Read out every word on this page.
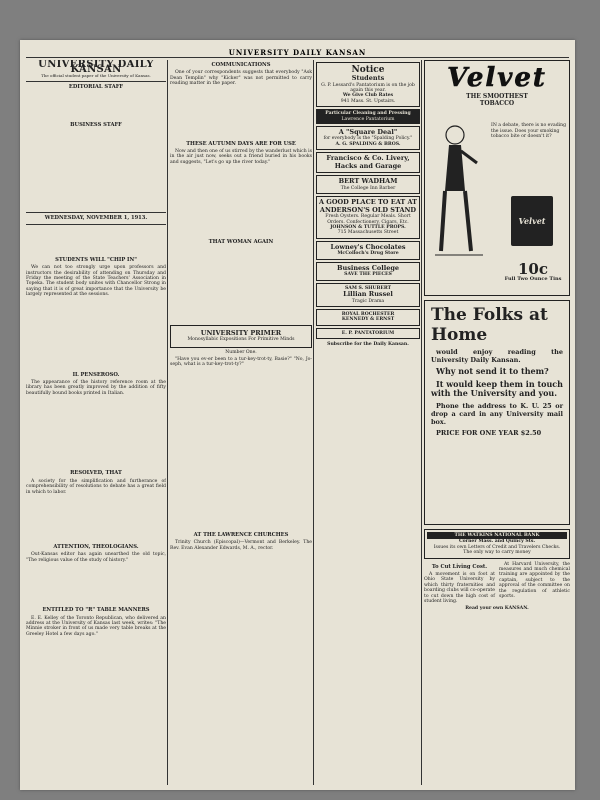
UNIVERSITY DAILY KANSAN
UNIVERSITY DAILY KANSAN
The official student paper of the University of Kansas.
EDITORIAL STAFF
BUSINESS STAFF
WEDNESDAY, NOVEMBER 1, 1913.
STUDENTS WILL "CHIP IN"

We can not too strongly urge upon professors and instructors the desirability of attending on Thursday and Friday the meeting of the State Teachers' Association in Topeka. The student body unites with Chancellor Strong in saying that it is of great importance that the University be largely represented at the sessions.

IL PENSEROSO.

The appearance of the history reference room at the library has been greatly improved by the addition of fifty beautifully bound books printed in Italian.

RESOLVED, THAT

A society for the simplification and furtherance of comprehensibility of resolutions to debate has a great field in which to labor.

ATTENTION, THEOLOGIANS.

Out-Kansas editor has again unearthed the old topic, "The religious value of the study of history."

ENTITLED TO "R" TABLE MANNERS

E. E. Kelley of the Toronto Republican, who delivered an address at the University of Kansas last week, writes: "The Minnie stroker in front of us made very table breaks at the Greeley Hotel a few days ago."

COMMUNICATIONS

One of your correspondents suggests that everybody "Ask Dean Templin" why "Kicker" was not permitted to carry reading matter in the paper.

THESE AUTUMN DAYS ARE FOR USE

Now and then one of us stirred by the wanderlust which is in the air just now, seeks out a friend buried in his books and suggests, "Let's go up the river today."

THAT WOMAN AGAIN
UNIVERSITY PRIMER
Monosyllabic Expositions For Primitive Minds
Number One.

"Have you ev-er been to a tur-key-trot-ty, Basie?" "No, Jo-seph, what is a tur-key-trot-ty?"

AT THE LAWRENCE CHURCHES

Trinity Church (Episcopal)—Vermont and Berkeley. The Rev. Evan Alexander Edwards, M. A., rector.

Notice
Students
G. P. Lessard's Pantatorium is on the job again this year.
We Give Club Rates
941 Mass. St. Upstairs.
Particular Cleaning and Pressing
Lawrence Pantatorium
A "Square Deal"
for everybody is the "Spalding Policy."
A. G. SPALDING & BROS.
Francisco & Co. Livery, Hacks and Garage
BERT WADHAM
The College Inn Barber
A GOOD PLACE TO EAT AT ANDERSON'S OLD STAND
Fresh Oysters. Regular Meals. Short Orders. Confectionery, Cigars, Etc.
JOHNSON & TUTTLE PROPS.
715 Massachusetts Street
Lowney's Chocolates
McColloch's Drug Store
Business College
SAVE THE PIECES
SAM S. SHUBERT
Lillian Russel
Tragic Drama
ROYAL ROCHESTER
KENNEDY & ERNST
E. P. PANTATORIUM
Subscribe for the Daily Kansan.
Velvet
THE SMOOTHEST
TOBACCO
IN a debate, there is no evading the issue. Does your smoking tobacco bite or doesn't it?
Velvet
10c
Full Two Ounce Tins
The Folks at Home

would enjoy reading the University Daily Kansan.

Why not send it to them?

It would keep them in touch with the University and you.

Phone the address to K. U. 25 or drop a card in any University mail box.

PRICE FOR ONE YEAR $2.50

THE WATKINS NATIONAL BANK
Corner Mass. and Quincy Sts.
Issues its own Letters of Credit and Travelers Checks.
The only way to carry money
To Cut Living Cost.

A movement is on foot at Ohio State University by which thirty fraternities and boarding clubs will co-operate to cut down the high cost of student living.

At Harvard University, the measures and much chemical training are appointed by the captain, subject to the approval of the committee on the regulation of athletic sports.

Read your own KANSAN.
